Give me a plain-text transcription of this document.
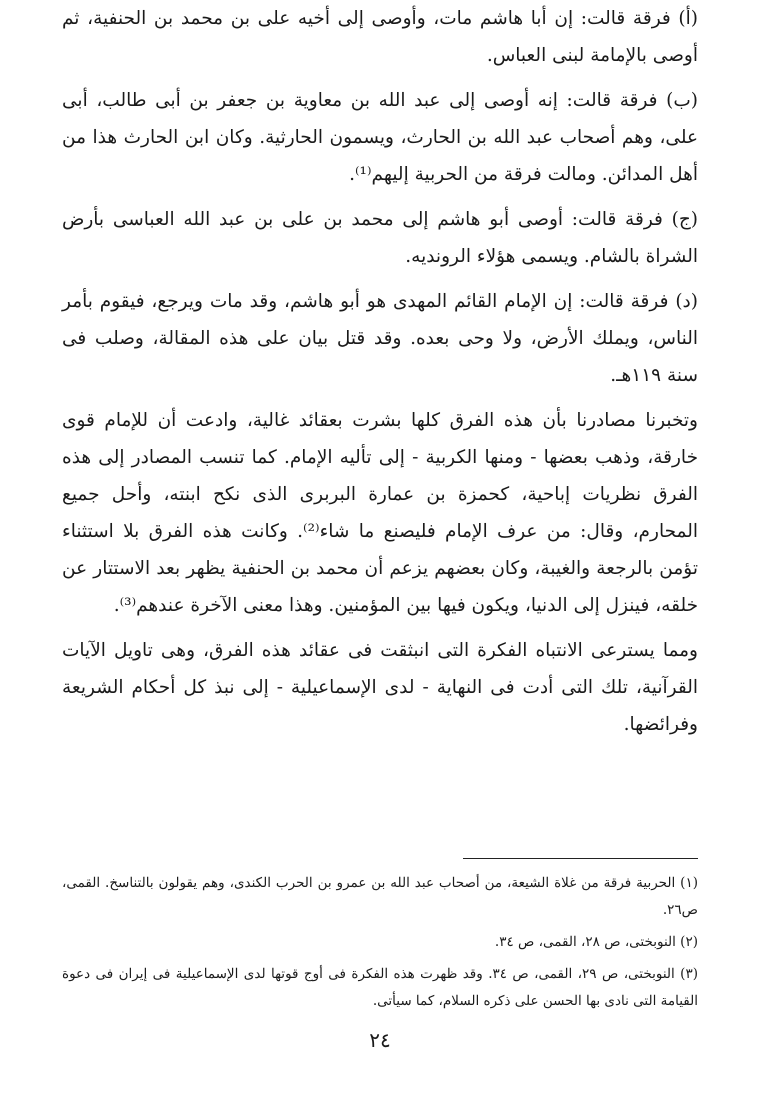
(أ) فرقة قالت: إن أبا هاشم مات، وأوصى إلى أخيه على بن محمد بن الحنفية، ثم أوصى بالإمامة لبنى العباس.

(ب) فرقة قالت: إنه أوصى إلى عبد الله بن معاوية بن جعفر بن أبى طالب، أبى على، وهم أصحاب عبد الله بن الحارث، ويسمون الحارثية. وكان ابن الحارث هذا من أهل المدائن. ومالت فرقة من الحربية إليهم⁽¹⁾.

(ج) فرقة قالت: أوصى أبو هاشم إلى محمد بن على بن عبد الله العباسى بأرض الشراة بالشام. ويسمى هؤلاء الرونديه.

(د) فرقة قالت: إن الإمام القائم المهدى هو أبو هاشم، وقد مات ويرجع، فيقوم بأمر الناس، ويملك الأرض، ولا وحى بعده. وقد قتل بيان على هذه المقالة، وصلب فى سنة ١١٩هـ.

وتخبرنا مصادرنا بأن هذه الفرق كلها بشرت بعقائد غالية، وادعت أن للإمام قوى خارقة، وذهب بعضها - ومنها الكربية - إلى تأليه الإمام. كما تنسب المصادر إلى هذه الفرق نظريات إباحية، كحمزة بن عمارة البربرى الذى نكح ابنته، وأحل جميع المحارم، وقال: من عرف الإمام فليصنع ما شاء⁽²⁾. وكانت هذه الفرق بلا استثناء تؤمن بالرجعة والغيبة، وكان بعضهم يزعم أن محمد بن الحنفية يظهر بعد الاستتار عن خلقه، فينزل إلى الدنيا، ويكون فيها بين المؤمنين. وهذا معنى الآخرة عندهم⁽³⁾.

ومما يسترعى الانتباه الفكرة التى انبثقت فى عقائد هذه الفرق، وهى تاويل الآيات القرآنية، تلك التى أدت فى النهاية - لدى الإسماعيلية - إلى نبذ كل أحكام الشريعة وفرائضها.

(١) الحربية فرقة من غلاة الشيعة، من أصحاب عبد الله بن عمرو بن الحرب الكندى، وهم يقولون بالتناسخ. القمى، ص٢٦.

(٢) النوبختى، ص ٢٨، القمى، ص ٣٤.

(٣) النوبختى، ص ٢٩، القمى، ص ٣٤. وقد ظهرت هذه الفكرة فى أوج قوتها لدى الإسماعيلية فى إيران فى دعوة القيامة التى نادى بها الحسن على ذكره السلام، كما سيأتى.

٢٤
